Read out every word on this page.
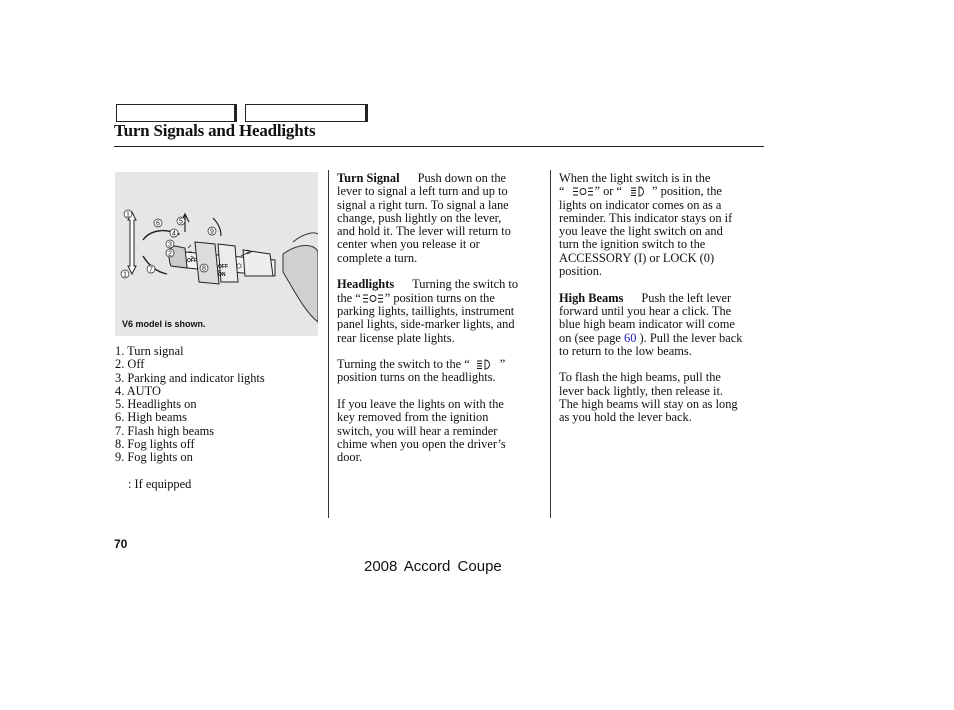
Turn Signals and Headlights
1
6	5
4
3
2
9
1
7	8
OFF
OFF
ON
V6 model is shown.

1. Turn signal

2. Off

3. Parking and indicator lights

4. AUTO

5. Headlights on

6. High beams

7. Flash high beams

8. Fog lights off

9. Fog lights on

: If equipped

Turn Signal Push down on the

lever to signal a left turn and up to

signal a right turn. To signal a lane

change, push lightly on the lever,

and hold it. The lever will return to

center when you release it or

complete a turn.

Headlights Turning the switch to

the “ ” position turns on the

parking lights, taillights, instrument

panel lights, side-marker lights, and

rear license plate lights.

Turning the switch to the “ ”

position turns on the headlights.

If you leave the lights on with the

key removed from the ignition

switch, you will hear a reminder

chime when you open the driver’s

door.

When the light switch is in the

“ ” or “ ” position, the

lights on indicator comes on as a

reminder. This indicator stays on if

you leave the light switch on and

turn the ignition switch to the

ACCESSORY (I) or LOCK (0)

position.

High Beams Push the left lever

forward until you hear a click. The

blue high beam indicator will come

on (see page 60 ). Pull the lever back

to return to the low beams.

To flash the high beams, pull the

lever back lightly, then release it.

The high beams will stay on as long

as you hold the lever back.

70
2008 Accord Coupe
